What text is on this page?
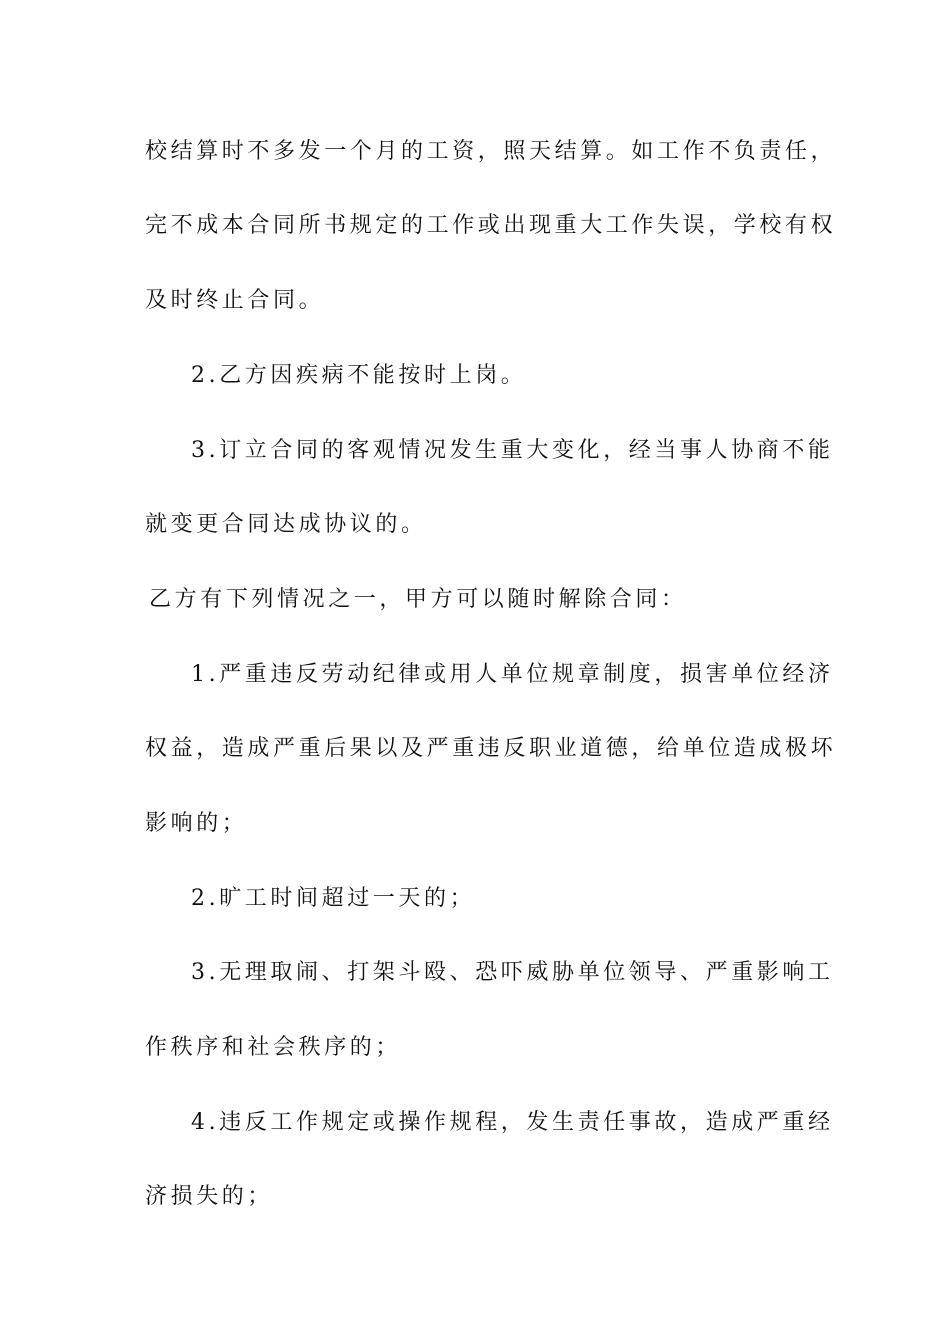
校结算时不多发一个月的工资，照天结算。如工作不负责任，
完不成本合同所书规定的工作或出现重大工作失误，学校有权
及时终止合同。
2.乙方因疾病不能按时上岗。
3.订立合同的客观情况发生重大变化，经当事人协商不能
就变更合同达成协议的。
乙方有下列情况之一，甲方可以随时解除合同：
1.严重违反劳动纪律或用人单位规章制度，损害单位经济
权益，造成严重后果以及严重违反职业道德，给单位造成极坏
影响的；
2.旷工时间超过一天的；
3.无理取闹、打架斗殴、恐吓威胁单位领导、严重影响工
作秩序和社会秩序的；
4.违反工作规定或操作规程，发生责任事故，造成严重经
济损失的；
